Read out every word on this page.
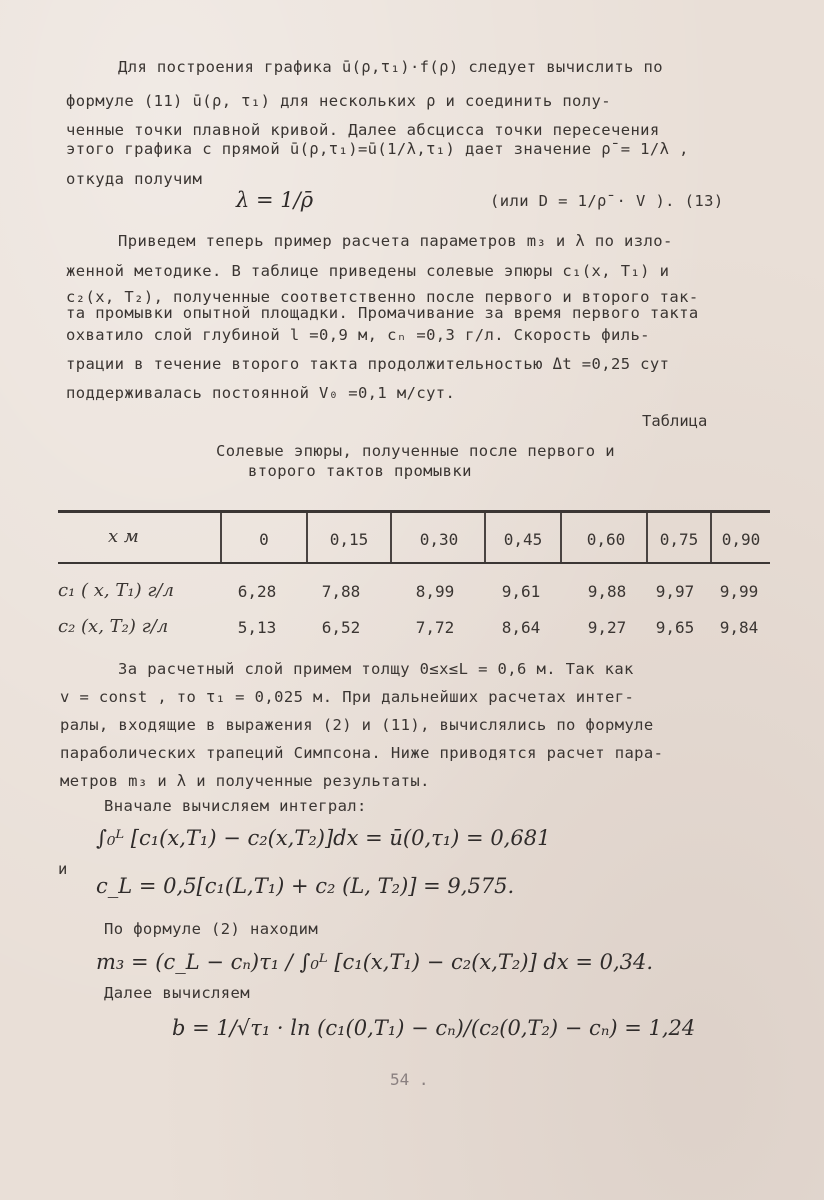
Для построения графика ū(ρ,τ₁)·f(ρ) следует вычислить по
формуле (11) ū(ρ, τ₁) для нескольких ρ и соединить полу-
ченные точки плавной кривой. Далее абсцисса точки пересечения
этого графика с прямой ū(ρ,τ₁)=ū(1/λ,τ₁) дает значение ρ̄ = 1/λ ,
откуда получим
λ = 1/ρ̄	(или D = 1/ρ̄ · V ). (13)
Приведем теперь пример расчета параметров m₃ и λ по изло-
женной методике. В таблице приведены солевые эпюры c₁(x, T₁) и
c₂(x, T₂), полученные соответственно после первого и второго так-
та промывки опытной площадки. Промачивание за время первого такта
охватило слой глубиной l =0,9 м, cₙ =0,3 г/л. Скорость филь-
трации в течение второго такта продолжительностью Δt =0,25 сут
поддерживалась постоянной V₀ =0,1 м/сут.
Таблица
Солевые эпюры, полученные после первого и
второго тактов промывки
x м	0	0,15	0,30	0,45	0,60	0,75	0,90
c₁ ( x, T₁) г/л	6,28	7,88	8,99	9,61	9,88	9,97	9,99
c₂ (x, T₂) г/л	5,13	6,52	7,72	8,64	9,27	9,65	9,84
За расчетный слой примем толщу 0≤x≤L = 0,6 м. Так как
v = const , то τ₁ = 0,025 м. При дальнейших расчетах интег-
ралы, входящие в выражения (2) и (11), вычислялись по формуле
параболических трапеций Симпсона. Ниже приводятся расчет пара-
метров m₃ и λ и полученные результаты.
Вначале вычисляем интеграл:
∫₀ᴸ [c₁(x,T₁) − c₂(x,T₂)]dx = ū(0,τ₁) = 0,681
и
c_L = 0,5[c₁(L,T₁) + c₂ (L, T₂)] = 9,575.
По формуле (2) находим
m₃ = (c_L − cₙ)τ₁ / ∫₀ᴸ [c₁(x,T₁) − c₂(x,T₂)] dx = 0,34.
Далее вычисляем
b = 1/√τ₁ · ln (c₁(0,T₁) − cₙ)/(c₂(0,T₂) − cₙ) = 1,24
54 .
